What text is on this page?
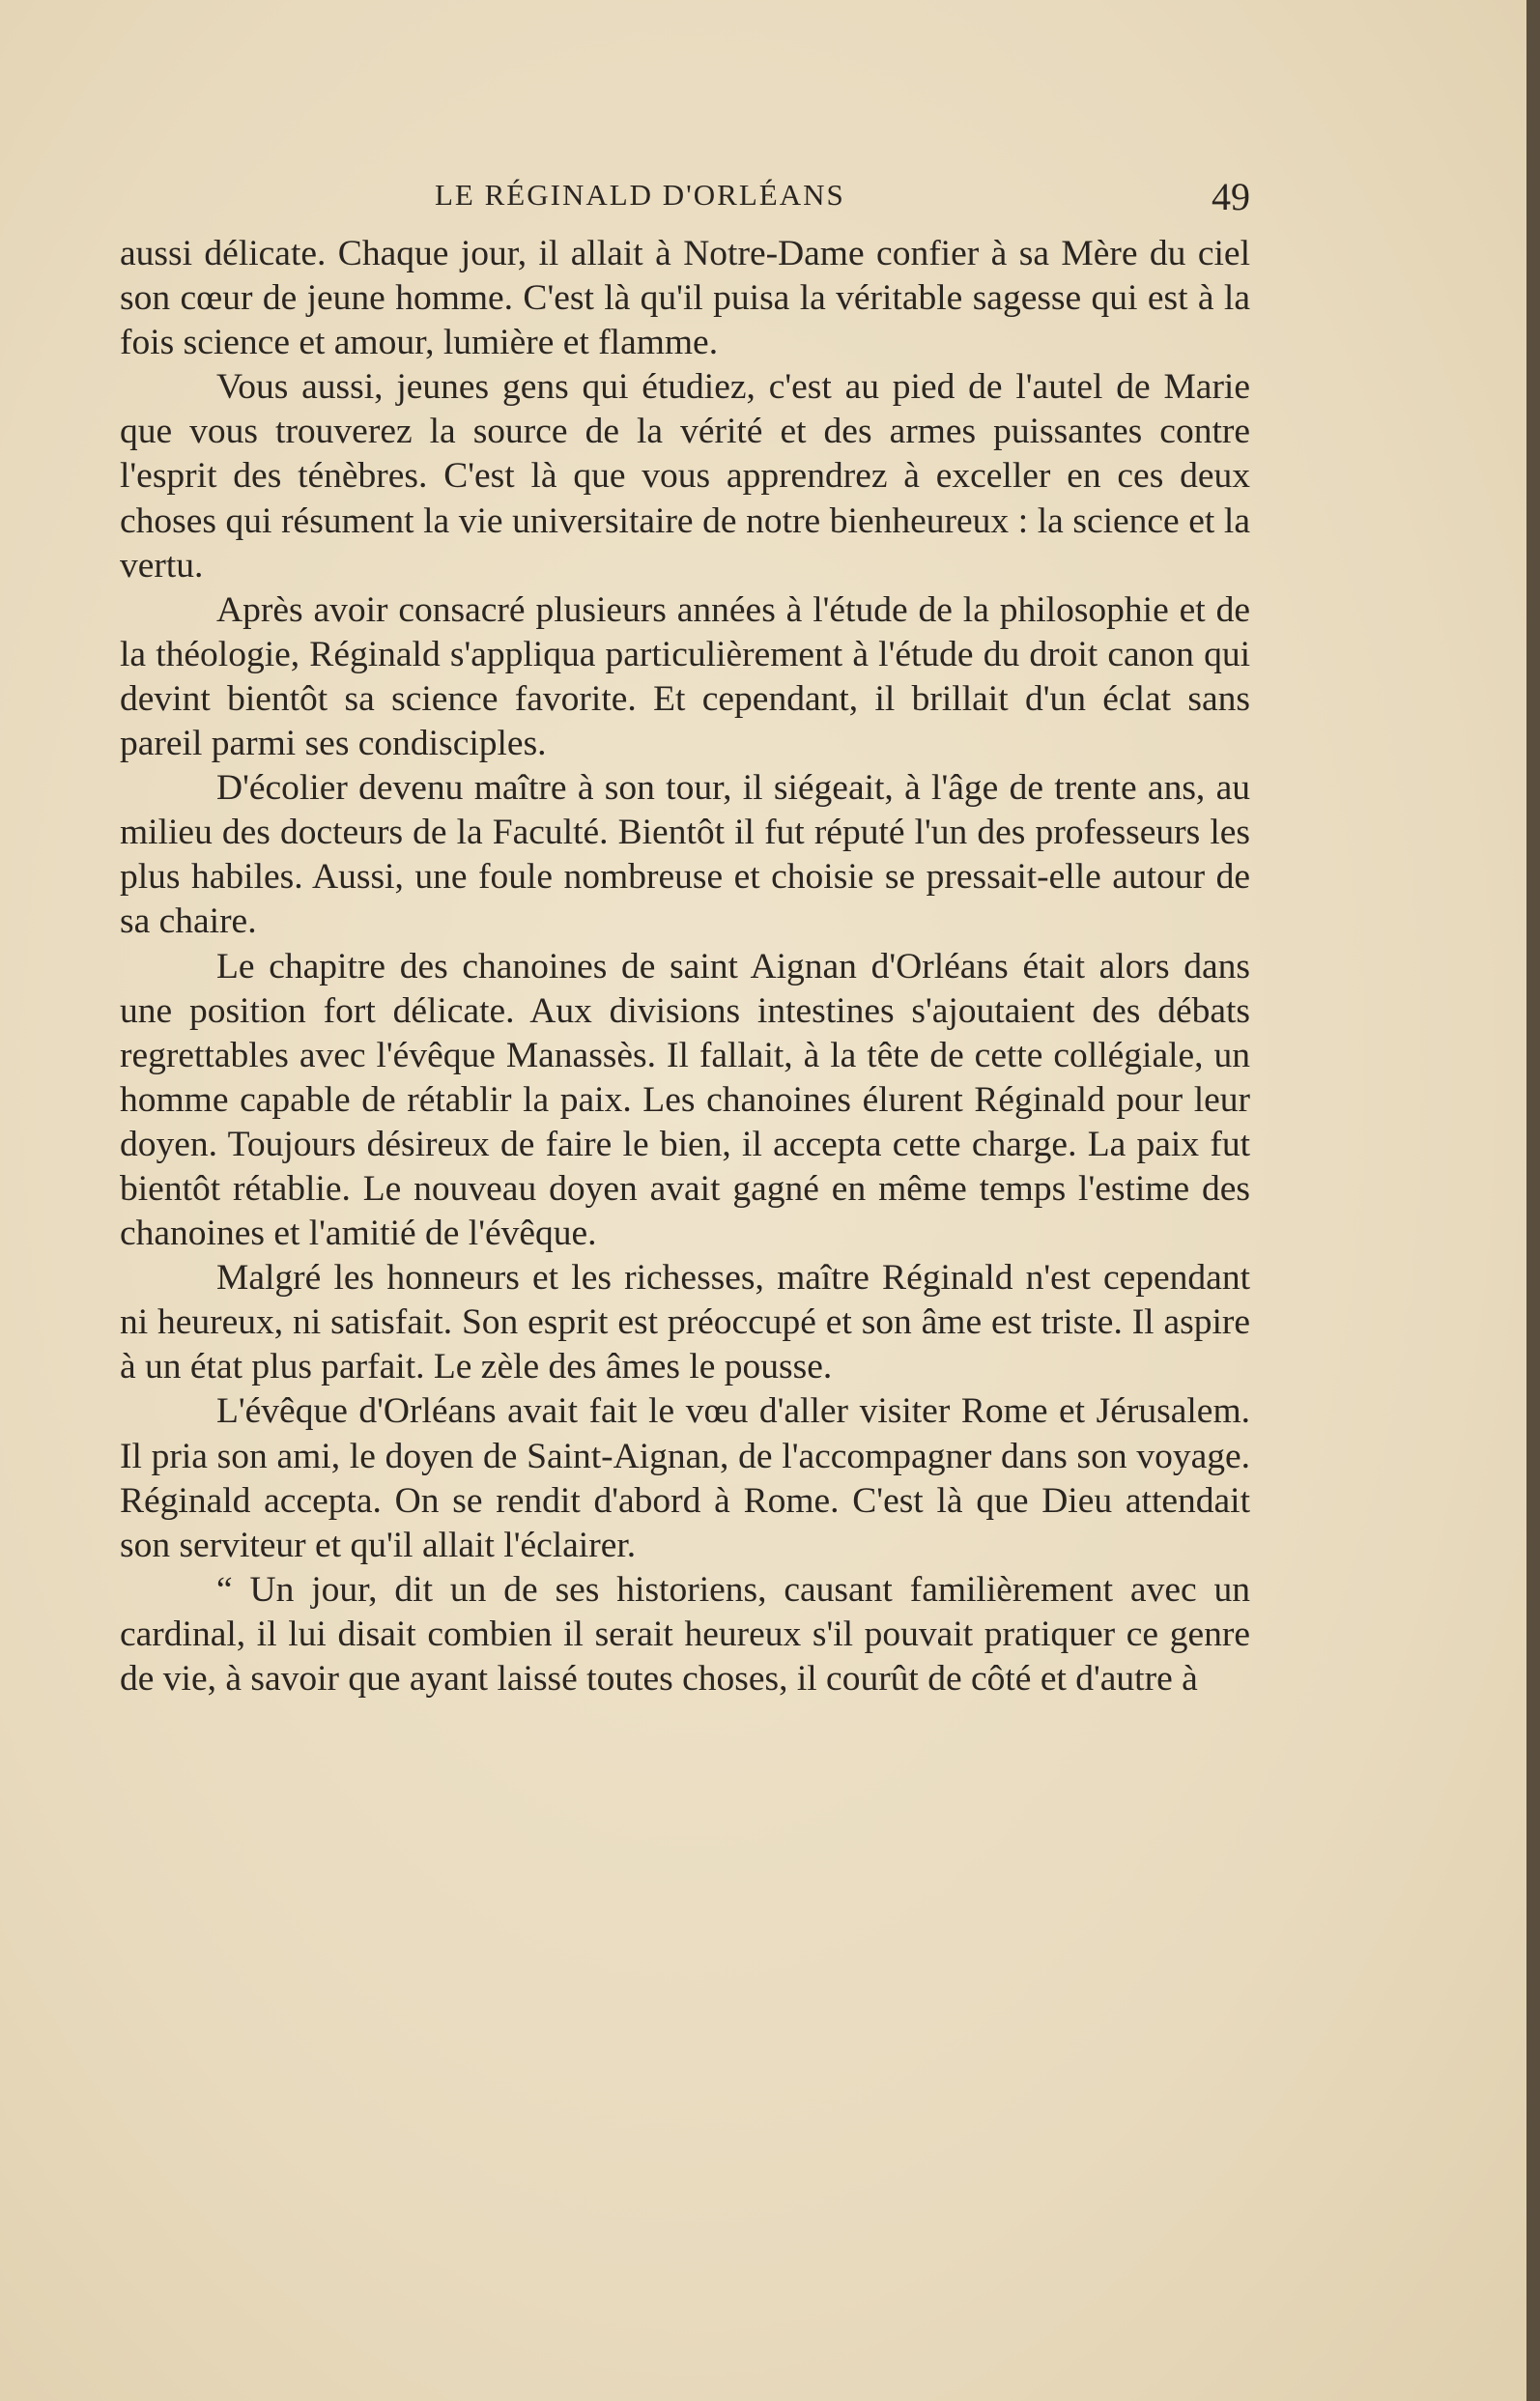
LE RÉGINALD D'ORLÉANS	49

aussi délicate. Chaque jour, il allait à Notre-Dame confier à sa Mère du ciel son cœur de jeune homme. C'est là qu'il puisa la véritable sagesse qui est à la fois science et amour, lumière et flamme.

Vous aussi, jeunes gens qui étudiez, c'est au pied de l'autel de Marie que vous trouverez la source de la vérité et des armes puissantes contre l'esprit des ténèbres. C'est là que vous apprendrez à exceller en ces deux choses qui résument la vie universitaire de notre bienheureux : la science et la vertu.

Après avoir consacré plusieurs années à l'étude de la philosophie et de la théologie, Réginald s'appliqua particulièrement à l'étude du droit canon qui devint bientôt sa science favorite. Et cependant, il brillait d'un éclat sans pareil parmi ses condisciples.

D'écolier devenu maître à son tour, il siégeait, à l'âge de trente ans, au milieu des docteurs de la Faculté. Bientôt il fut réputé l'un des professeurs les plus habiles. Aussi, une foule nombreuse et choisie se pressait-elle autour de sa chaire.

Le chapitre des chanoines de saint Aignan d'Orléans était alors dans une position fort délicate. Aux divisions intestines s'ajoutaient des débats regrettables avec l'évêque Manassès. Il fallait, à la tête de cette collégiale, un homme capable de rétablir la paix. Les chanoines élurent Réginald pour leur doyen. Toujours désireux de faire le bien, il accepta cette charge. La paix fut bientôt rétablie. Le nouveau doyen avait gagné en même temps l'estime des chanoines et l'amitié de l'évêque.

Malgré les honneurs et les richesses, maître Réginald n'est cependant ni heureux, ni satisfait. Son esprit est préoccupé et son âme est triste. Il aspire à un état plus parfait. Le zèle des âmes le pousse.

L'évêque d'Orléans avait fait le vœu d'aller visiter Rome et Jérusalem. Il pria son ami, le doyen de Saint-Aignan, de l'accompagner dans son voyage. Réginald accepta. On se rendit d'abord à Rome. C'est là que Dieu attendait son serviteur et qu'il allait l'éclairer.

“ Un jour, dit un de ses historiens, causant familièrement avec un cardinal, il lui disait combien il serait heureux s'il pouvait pratiquer ce genre de vie, à savoir que ayant laissé toutes choses, il courût de côté et d'autre à
